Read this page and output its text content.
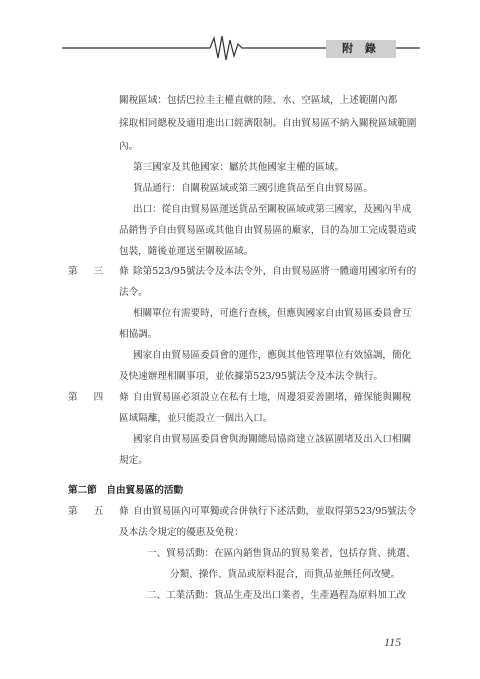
附 錄
關稅區域：包括巴拉圭主權直轄的陸、水、空區域，上述範圍內都
採取相同總稅及適用進出口經濟限制。自由貿易區不納入關稅區域範圍
內。
第三國家及其他國家：屬於其他國家主權的區域。
貨品通行：自關稅區域或第三國引進貨品至自由貿易區。
出口：從自由貿易區運送貨品至關稅區域或第三國家，及國內半成
品銷售予自由貿易區或其他自由貿易區的廠家，目的為加工完成製造或
包裝，隨後並運送至關稅區域。
第 三 條 除第523/95號法令及本法令外，自由貿易區將一體適用國家所有的
法令。
相關單位有需要時，可進行查核，但應與國家自由貿易區委員會互
相協調。
國家自由貿易區委員會的運作，應與其他管理單位有效協調，簡化
及快速辦理相關事項，並依據第523/95號法令及本法令執行。
第 四 條 自由貿易區必須設立在私有土地，周邊須妥善圍堵，確保能與關稅
區域隔離，並只能設立一個出入口。
國家自由貿易區委員會與海關總局協商建立該區圍堵及出入口相關
規定。
第二節　自由貿易區的活動
第 五 條 自由貿易區內可單獨或合併執行下述活動，並取得第523/95號法令
及本法令規定的優惠及免稅：
一、貿易活動：在區內銷售貨品的貿易業者，包括存貨、挑選、
分類、操作、貨品或原料混合，而貨品並無任何改變。
二、工業活動：貨品生產及出口業者，生產過程為原料加工改
115
